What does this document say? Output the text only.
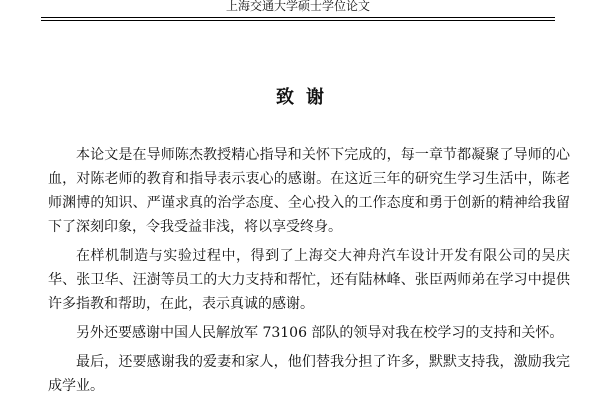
上海交通大学硕士学位论文
致谢

本论文是在导师陈杰教授精心指导和关怀下完成的，每一章节都凝聚了导师的心血，对陈老师的教育和指导表示衷心的感谢。在这近三年的研究生学习生活中，陈老师渊博的知识、严谨求真的治学态度、全心投入的工作态度和勇于创新的精神给我留下了深刻印象，令我受益非浅，将以享受终身。

在样机制造与实验过程中，得到了上海交大神舟汽车设计开发有限公司的吴庆华、张卫华、汪澍等员工的大力支持和帮忙，还有陆林峰、张臣两师弟在学习中提供许多指教和帮助，在此，表示真诚的感谢。

另外还要感谢中国人民解放军 73106 部队的领导对我在校学习的支持和关怀。

最后，还要感谢我的爱妻和家人，他们替我分担了许多，默默支持我，激励我完成学业。
